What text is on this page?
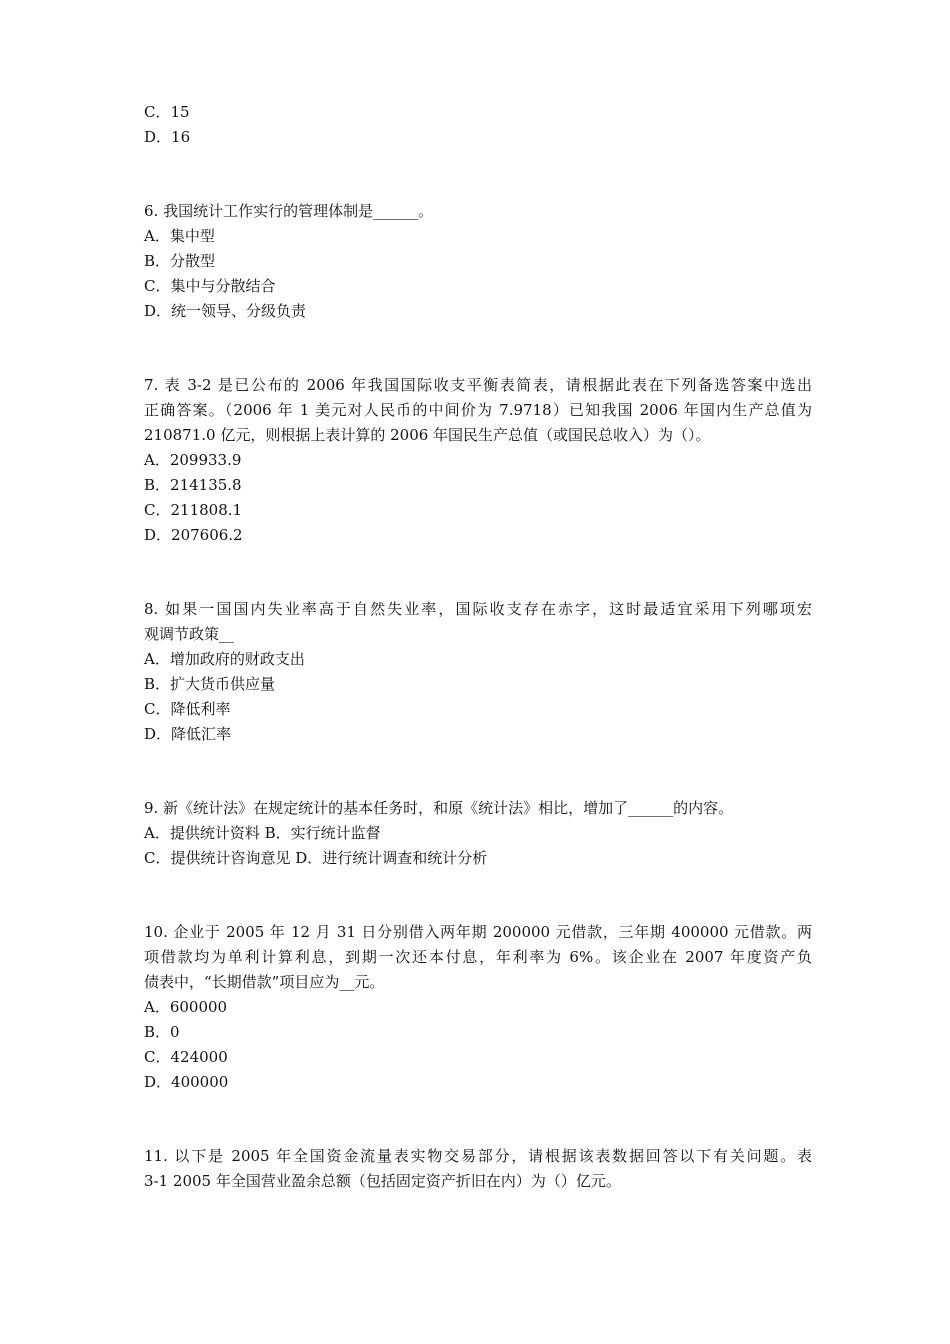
C．15

D．16

6. 我国统计工作实行的管理体制是______。

A．集中型

B．分散型

C．集中与分散结合

D．统一领导、分级负责

7. 表 3-2 是已公布的 2006 年我国国际收支平衡表简表，请根据此表在下列备选答案中选出

正确答案。（2006 年 1 美元对人民币的中间价为 7.9718）已知我国 2006 年国内生产总值为

210871.0 亿元，则根据上表计算的 2006 年国民生产总值（或国民总收入）为（）。

A．209933.9

B．214135.8

C．211808.1

D．207606.2

8. 如果一国国内失业率高于自然失业率，国际收支存在赤字，这时最适宜采用下列哪项宏

观调节政策__

A．增加政府的财政支出

B．扩大货币供应量

C．降低利率

D．降低汇率

9. 新《统计法》在规定统计的基本任务时，和原《统计法》相比，增加了______的内容。

A．提供统计资料 B．实行统计监督

C．提供统计咨询意见 D．进行统计调查和统计分析

10. 企业于 2005 年 12 月 31 日分别借入两年期 200000 元借款，三年期 400000 元借款。两

项借款均为单利计算利息，到期一次还本付息，年利率为 6%。该企业在 2007 年度资产负

债表中，“长期借款”项目应为__元。

A．600000

B．0

C．424000

D．400000

11. 以下是 2005 年全国资金流量表实物交易部分，请根据该表数据回答以下有关问题。表

3-1 2005 年全国营业盈余总额（包括固定资产折旧在内）为（）亿元。
